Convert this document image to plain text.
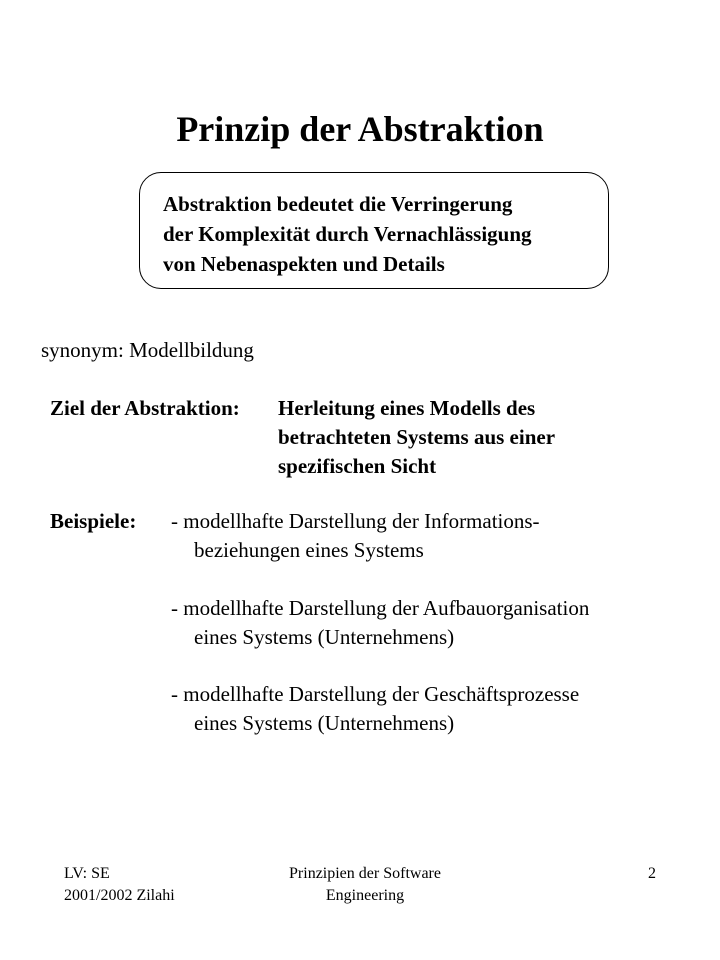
Prinzip der Abstraktion
Abstraktion bedeutet die Verringerung
der Komplexität durch Vernachlässigung
von Nebenaspekten und Details
synonym: Modellbildung
Ziel der Abstraktion: Herleitung eines Modells des
betrachteten Systems aus einer
spezifischen Sicht
Beispiele: - modellhafte Darstellung der Informations-
beziehungen eines Systems
- modellhafte Darstellung der Aufbauorganisation
eines Systems (Unternehmens)
- modellhafte Darstellung der Geschäftsprozesse
eines Systems (Unternehmens)
LV: SE
2001/2002 Zilahi
Prinzipien der Software
Engineering
2
